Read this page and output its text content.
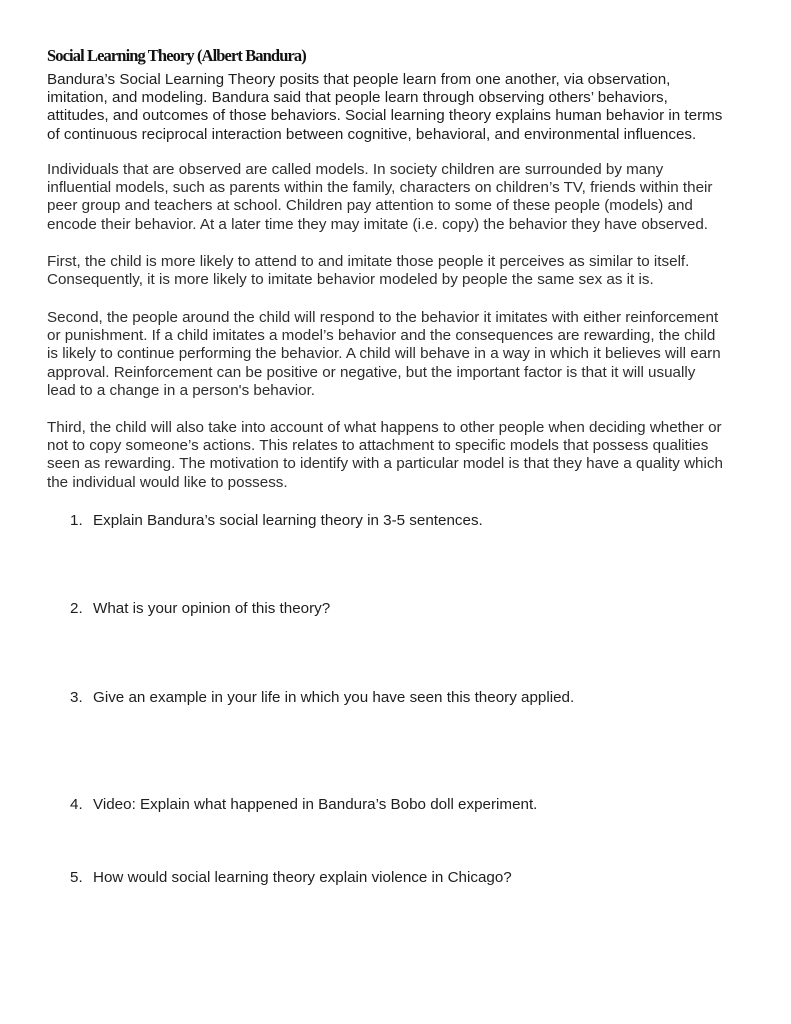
Social Learning Theory (Albert Bandura)

Bandura’s Social Learning Theory posits that people learn from one another, via observation,
imitation, and modeling. Bandura said that people learn through observing others’ behaviors,
attitudes, and outcomes of those behaviors. Social learning theory explains human behavior in terms
of continuous reciprocal interaction between cognitive, behavioral, and environmental influences.

Individuals that are observed are called models. In society children are surrounded by many
influential models, such as parents within the family, characters on children’s TV, friends within their
peer group and teachers at school. Children pay attention to some of these people (models) and
encode their behavior. At a later time they may imitate (i.e. copy) the behavior they have observed.

First, the child is more likely to attend to and imitate those people it perceives as similar to itself.
Consequently, it is more likely to imitate behavior modeled by people the same sex as it is.

Second, the people around the child will respond to the behavior it imitates with either reinforcement
or punishment. If a child imitates a model’s behavior and the consequences are rewarding, the child
is likely to continue performing the behavior. A child will behave in a way in which it believes will earn
approval. Reinforcement can be positive or negative, but the important factor is that it will usually
lead to a change in a person's behavior.

Third, the child will also take into account of what happens to other people when deciding whether or
not to copy someone’s actions. This relates to attachment to specific models that possess qualities
seen as rewarding. The motivation to identify with a particular model is that they have a quality which
the individual would like to possess.

1. Explain Bandura’s social learning theory in 3-5 sentences.
2. What is your opinion of this theory?
3. Give an example in your life in which you have seen this theory applied.
4. Video: Explain what happened in Bandura’s Bobo doll experiment.
5. How would social learning theory explain violence in Chicago?
